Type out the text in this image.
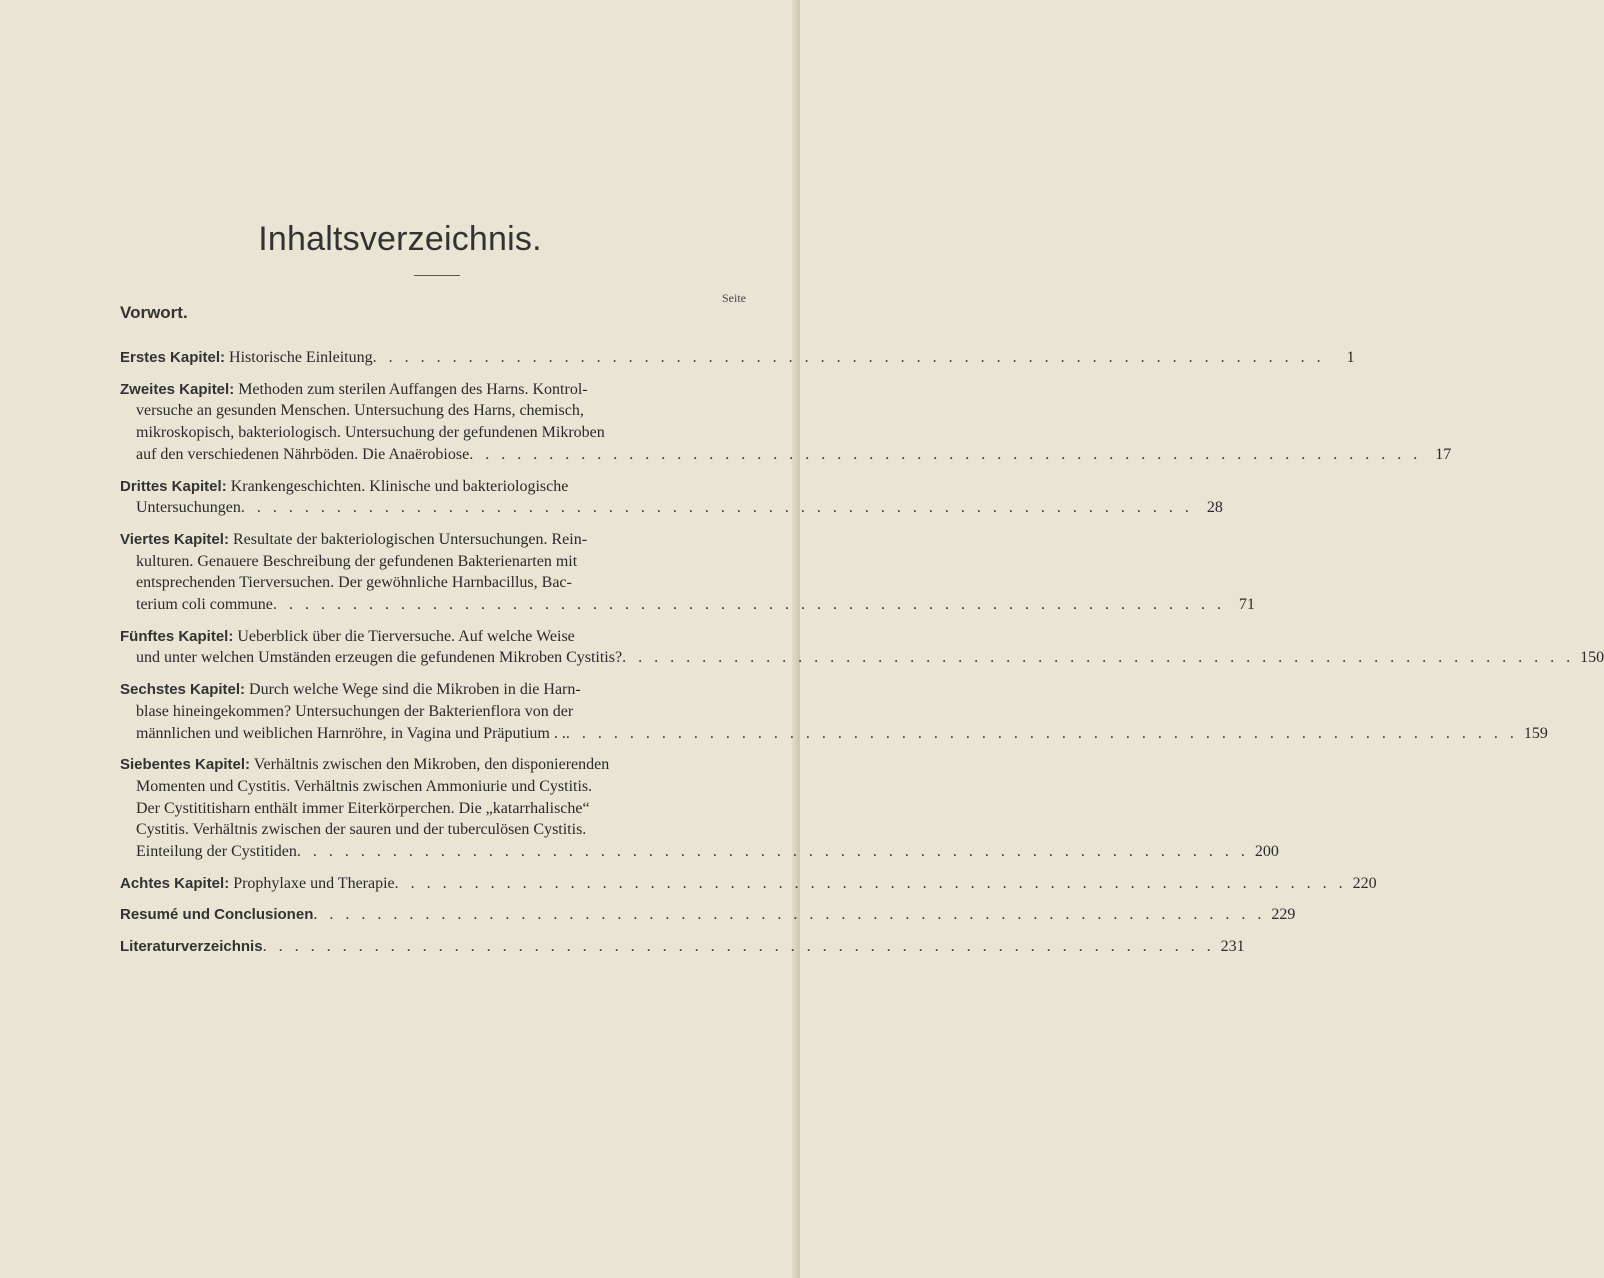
Inhaltsverzeichnis.
Seite
Vorwort.
Erstes Kapitel: Historische Einleitung . . . . . . . . . . . . . . . . . . . . . . . . . . . . . . . . . . . . . . . . . . . . . . . . . . . . . . . . . . . .	1
Zweites Kapitel: Methoden zum sterilen Auffangen des Harns. Kontrol-
versuche an gesunden Menschen. Untersuchung des Harns, chemisch,
mikroskopisch, bakteriologisch. Untersuchung der gefundenen Mikroben
auf den verschiedenen Nährböden. Die Anaërobiose . . . . . . . . . . . . . . . . . . . . . . . . . . . . . . . . . . . . . . . . . . . . . . . . . . . . . . . . . . . . 17
Drittes Kapitel: Krankengeschichten. Klinische und bakteriologische
Untersuchungen . . . . . . . . . . . . . . . . . . . . . . . . . . . . . . . . . . . . . . . . . . . . . . . . . . . . . . . . . . . . 28
Viertes Kapitel: Resultate der bakteriologischen Untersuchungen. Rein-
kulturen. Genauere Beschreibung der gefundenen Bakterienarten mit
entsprechenden Tierversuchen. Der gewöhnliche Harnbacillus, Bac-
terium coli commune . . . . . . . . . . . . . . . . . . . . . . . . . . . . . . . . . . . . . . . . . . . . . . . . . . . . . . . . . . . . 71
Fünftes Kapitel: Ueberblick über die Tierversuche. Auf welche Weise
und unter welchen Umständen erzeugen die gefundenen Mikroben Cystitis? . . . . . . . . . . . . . . . . . . . . . . . . . . . . . . . . . . . . . . . . . . . . . . . . . . . . . . . . . . . . 150
Sechstes Kapitel: Durch welche Wege sind die Mikroben in die Harn-
blase hineingekommen? Untersuchungen der Bakterienflora von der
männlichen und weiblichen Harnröhre, in Vagina und Präputium . . . . . . . . . . . . . . . . . . . . . . . . . . . . . . . . . . . . . . . . . . . . . . . . . . . . . . . . . . . . . . 159
Siebentes Kapitel: Verhältnis zwischen den Mikroben, den disponierenden
Momenten und Cystitis. Verhältnis zwischen Ammoniurie und Cystitis.
Der Cystititisharn enthält immer Eiterkörperchen. Die „katarrhalische“
Cystitis. Verhältnis zwischen der sauren und der tuberculösen Cystitis.
Einteilung der Cystitiden . . . . . . . . . . . . . . . . . . . . . . . . . . . . . . . . . . . . . . . . . . . . . . . . . . . . . . . . . . . . 200
Achtes Kapitel: Prophylaxe und Therapie . . . . . . . . . . . . . . . . . . . . . . . . . . . . . . . . . . . . . . . . . . . . . . . . . . . . . . . . . . . . 220
Resumé und Conclusionen . . . . . . . . . . . . . . . . . . . . . . . . . . . . . . . . . . . . . . . . . . . . . . . . . . . . . . . . . . . . 229
Literaturverzeichnis . . . . . . . . . . . . . . . . . . . . . . . . . . . . . . . . . . . . . . . . . . . . . . . . . . . . . . . . . . . . 231
